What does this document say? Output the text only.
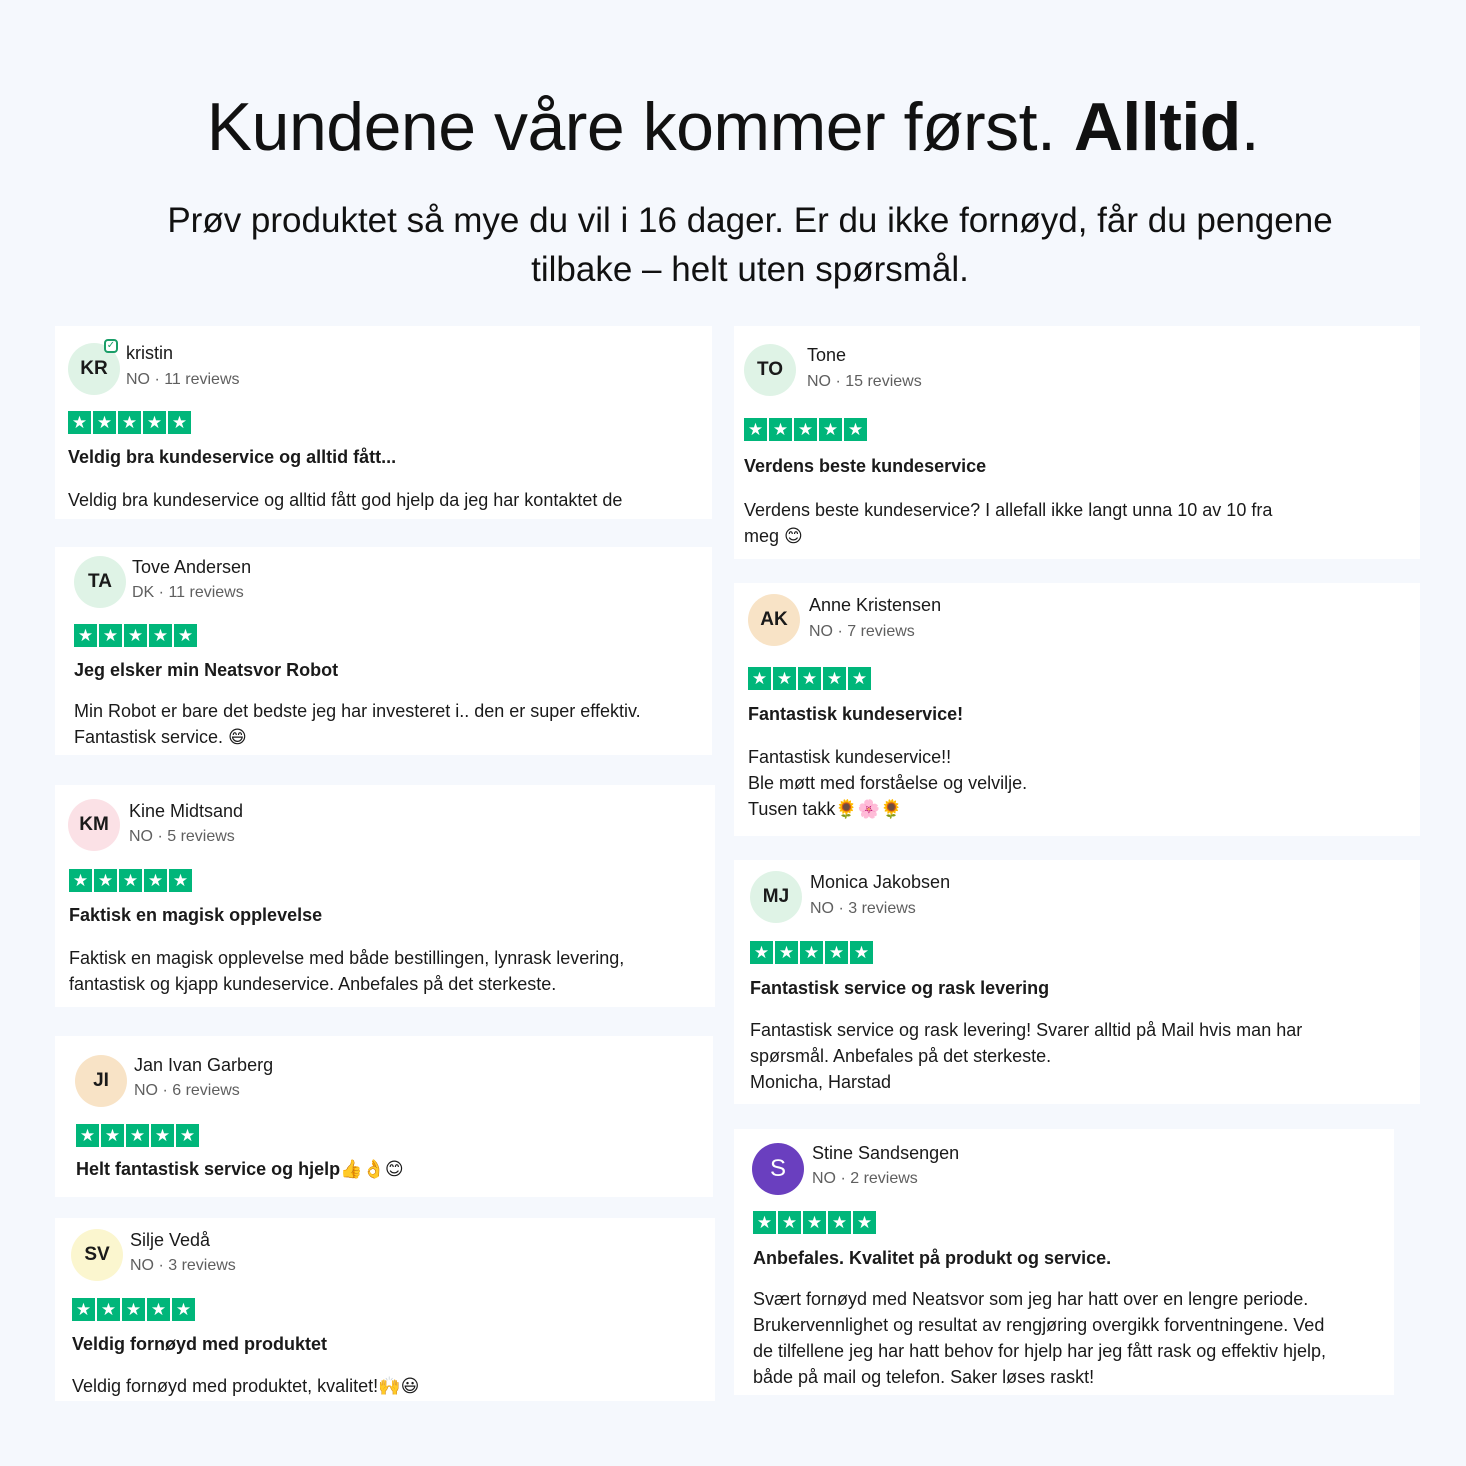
Kundene våre kommer først. Alltid.
Prøv produktet så mye du vil i 16 dager. Er du ikke fornøyd, får du pengene tilbake – helt uten spørsmål.
KR
✓ kristin
NO · 11 reviews
★ ★ ★ ★ ★
Veldig bra kundeservice og alltid fått...
Veldig bra kundeservice og alltid fått god hjelp da jeg har kontaktet de
TA
Tove Andersen
DK · 11 reviews
★ ★ ★ ★ ★
Jeg elsker min Neatsvor Robot
Min Robot er bare det bedste jeg har investeret i.. den er super effektiv.
Fantastisk service. 😄
KM
Kine Midtsand
NO · 5 reviews
★ ★ ★ ★ ★
Faktisk en magisk opplevelse
Faktisk en magisk opplevelse med både bestillingen, lynrask levering,
fantastisk og kjapp kundeservice. Anbefales på det sterkeste.
JI
Jan Ivan Garberg
NO · 6 reviews
★ ★ ★ ★ ★
Helt fantastisk service og hjelp👍👌😊
SV
Silje Vedå
NO · 3 reviews
★ ★ ★ ★ ★
Veldig fornøyd med produktet
Veldig fornøyd med produktet, kvalitet!🙌😃
TO
Tone
NO · 15 reviews
★ ★ ★ ★ ★
Verdens beste kundeservice
Verdens beste kundeservice? I allefall ikke langt unna 10 av 10 fra
meg 😊
AK
Anne Kristensen
NO · 7 reviews
★ ★ ★ ★ ★
Fantastisk kundeservice!
Fantastisk kundeservice!!
Ble møtt med forståelse og velvilje.
Tusen takk🌻🌸🌻
MJ
Monica Jakobsen
NO · 3 reviews
★ ★ ★ ★ ★
Fantastisk service og rask levering
Fantastisk service og rask levering! Svarer alltid på Mail hvis man har
spørsmål. Anbefales på det sterkeste.
Monicha, Harstad
S
Stine Sandsengen
NO · 2 reviews
★ ★ ★ ★ ★
Anbefales. Kvalitet på produkt og service.
Svært fornøyd med Neatsvor som jeg har hatt over en lengre periode.
Brukervennlighet og resultat av rengjøring overgikk forventningene. Ved
de tilfellene jeg har hatt behov for hjelp har jeg fått rask og effektiv hjelp,
både på mail og telefon. Saker løses raskt!
